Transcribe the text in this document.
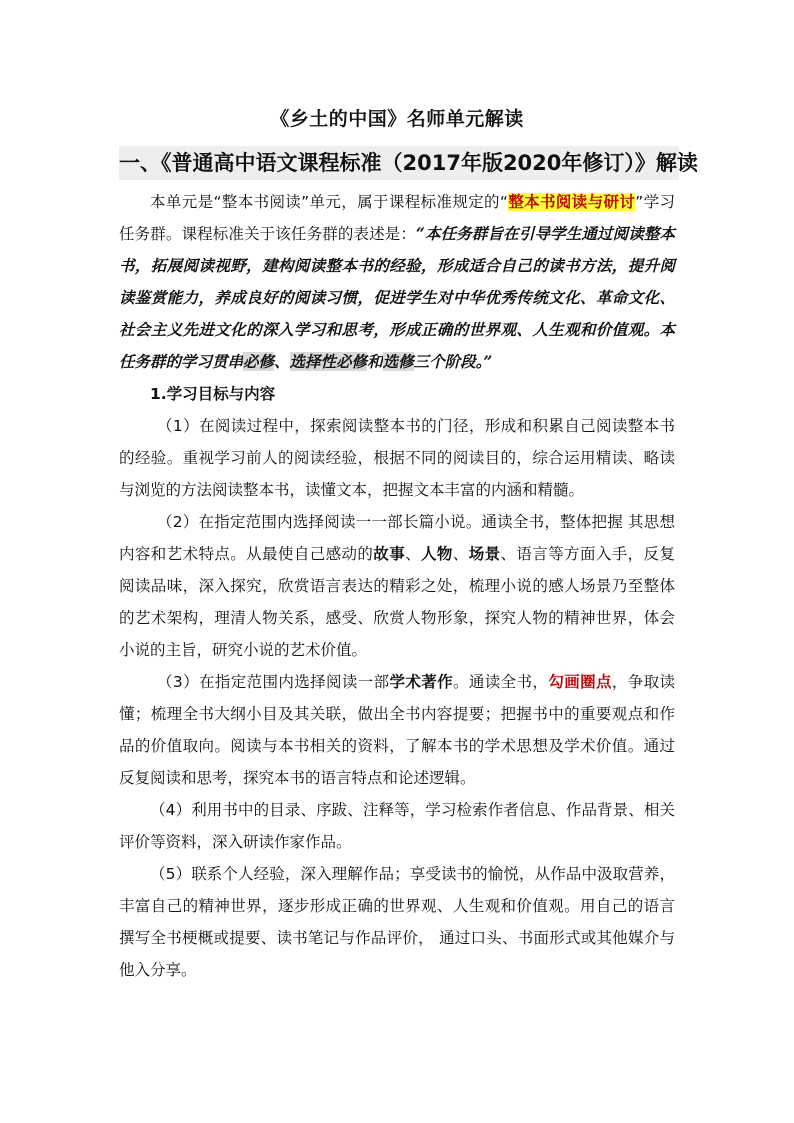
《乡土的中国》名师单元解读
一、《普通高中语文课程标准（2017年版2020年修订）》解读

本单元是“整本书阅读”单元，属于课程标准规定的“整本书阅读与研讨”学习任务群。课程标准关于该任务群的表述是：“本任务群旨在引导学生通过阅读整本书，拓展阅读视野，建构阅读整本书的经验，形成适合自己的读书方法，提升阅读鉴赏能力，养成良好的阅读习惯，促进学生对中华优秀传统文化、革命文化、社会主义先进文化的深入学习和思考，形成正确的世界观、人生观和价值观。本任务群的学习贯串必修、选择性必修和选修三个阶段。”

1.学习目标与内容

（1）在阅读过程中，探索阅读整本书的门径，形成和积累自己阅读整本书的经验。重视学习前人的阅读经验，根据不同的阅读目的，综合运用精读、略读与浏览的方法阅读整本书，读懂文本，把握文本丰富的内涵和精髓。

（2）在指定范围内选择阅读一一部长篇小说。通读全书，整体把握 其思想内容和艺术特点。从最使自己感动的故事、人物、场景、语言等方面入手，反复阅读品味，深入探究，欣赏语言表达的精彩之处，梳理小说的感人场景乃至整体的艺术架构，理清人物关系，感受、欣赏人物形象，探究人物的精神世界，体会小说的主旨，研究小说的艺术价值。

（3）在指定范围内选择阅读一部学术著作。通读全书，勾画圈点，争取读懂；梳理全书大纲小目及其关联，做出全书内容提要；把握书中的重要观点和作品的价值取向。阅读与本书相关的资料，了解本书的学术思想及学术价值。通过反复阅读和思考，探究本书的语言特点和论述逻辑。

（4）利用书中的目录、序跋、注释等，学习检索作者信息、作品背景、相关评价等资料，深入研读作家作品。

（5）联系个人经验，深入理解作品；享受读书的愉悦，从作品中汲取营养，丰富自己的精神世界，逐步形成正确的世界观、人生观和价值观。用自己的语言撰写全书梗概或提要、读书笔记与作品评价， 通过口头、书面形式或其他媒介与他入分享。
